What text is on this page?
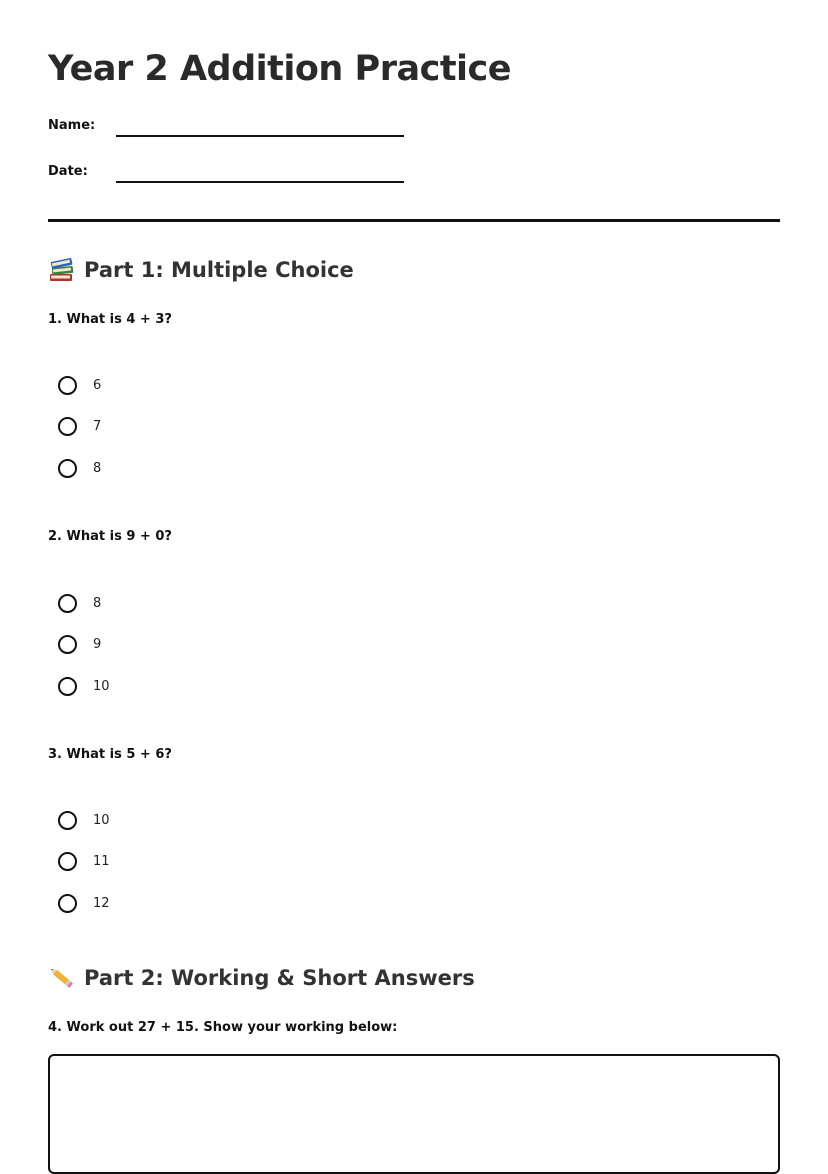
Year 2 Addition Practice
Name:
Date:
Part 1: Multiple Choice
1. What is 4 + 3?
6
7
8
2. What is 9 + 0?
8
9
10
3. What is 5 + 6?
10
11
12
Part 2: Working & Short Answers
4. Work out 27 + 15. Show your working below:
